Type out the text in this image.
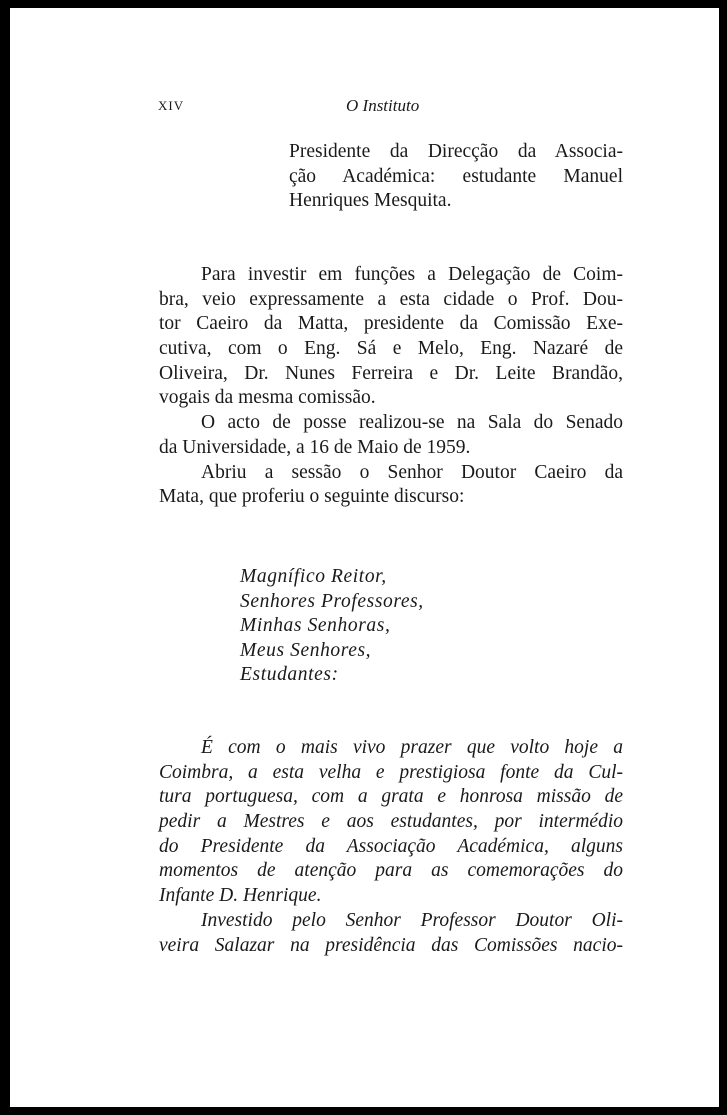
XIV	O Instituto
Presidente da Direcção da Associa-
ção Académica: estudante Manuel
Henriques Mesquita.
Para investir em funções a Delegação de Coim-
bra, veio expressamente a esta cidade o Prof. Dou-
tor Caeiro da Matta, presidente da Comissão Exe-
cutiva, com o Eng. Sá e Melo, Eng. Nazaré de
Oliveira, Dr. Nunes Ferreira e Dr. Leite Brandão,
vogais da mesma comissão.
O acto de posse realizou-se na Sala do Senado
da Universidade, a 16 de Maio de 1959.
Abriu a sessão o Senhor Doutor Caeiro da
Mata, que proferiu o seguinte discurso:
Magnífico Reitor,
Senhores Professores,
Minhas Senhoras,
Meus Senhores,
Estudantes:
É com o mais vivo prazer que volto hoje a
Coimbra, a esta velha e prestigiosa fonte da Cul-
tura portuguesa, com a grata e honrosa missão de
pedir a Mestres e aos estudantes, por intermédio
do Presidente da Associação Académica, alguns
momentos de atenção para as comemorações do
Infante D. Henrique.
Investido pelo Senhor Professor Doutor Oli-
veira Salazar na presidência das Comissões nacio-
